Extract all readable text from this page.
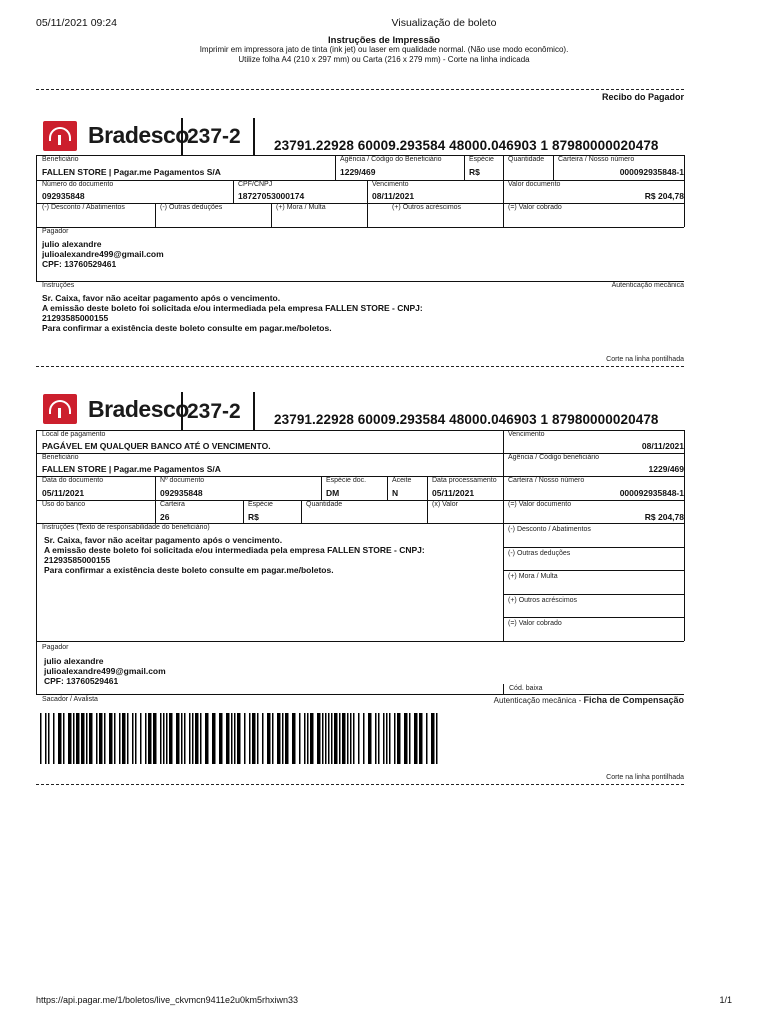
05/11/2021 09:24	Visualização de boleto
Instruções de Impressão
Imprimir em impressora jato de tinta (ink jet) ou laser em qualidade normal. (Não use modo econômico).
Utilize folha A4 (210 x 297 mm) ou Carta (216 x 279 mm) - Corte na linha indicada
Recibo do Pagador
Bradesco
237-2 23791.22928 60009.293584 48000.046903 1 87980000020478
Beneficiário
FALLEN STORE | Pagar.me Pagamentos S/A
Agência / Código do Beneficiário
1229/469
Espécie
R$
Quantidade Carteira / Nosso número
000092935848-1
Número do documento
092935848
CPF/CNPJ
18727053000174
Vencimento
08/11/2021
Valor documento
R$ 204,78
(-) Desconto / Abatimentos	(-) Outras deduções	(+) Mora / Multa	(+) Outros acréscimos	(=) Valor cobrado
Pagador
julio alexandre
julioalexandre499@gmail.com
CPF: 13760529461
Instruções	Autenticação mecânica
Sr. Caixa, favor não aceitar pagamento após o vencimento.
A emissão deste boleto foi solicitada e/ou intermediada pela empresa FALLEN STORE - CNPJ:
21293585000155
Para confirmar a existência deste boleto consulte em pagar.me/boletos.
Corte na linha pontilhada
Bradesco
237-2 23791.22928 60009.293584 48000.046903 1 87980000020478
Local de pagamento
PAGÁVEL EM QUALQUER BANCO ATÉ O VENCIMENTO.
Vencimento
08/11/2021
Beneficiário
FALLEN STORE | Pagar.me Pagamentos S/A
Agência / Código beneficiário
1229/469
Data do documento
05/11/2021
Nº documento
092935848
Espécie doc.
DM
Aceite
N
Data processamento
05/11/2021
Carteira / Nosso número
000092935848-1
Uso do banco	Carteira
26
Espécie
R$
Quantidade	(x) Valor	(=) Valor documento
R$ 204,78
Instruções (Texto de responsabilidade do beneficiário)
Sr. Caixa, favor não aceitar pagamento após o vencimento.
A emissão deste boleto foi solicitada e/ou intermediada pela empresa FALLEN STORE - CNPJ:
21293585000155
Para confirmar a existência deste boleto consulte em pagar.me/boletos.
(-) Desconto / Abatimentos
(-) Outras deduções
(+) Mora / Multa
(+) Outros acréscimos
(=) Valor cobrado
Pagador
julio alexandre
julioalexandre499@gmail.com
CPF: 13760529461
Cód. baixa
Sacador / Avalista	Autenticação mecânica - Ficha de Compensação
Corte na linha pontilhada
https://api.pagar.me/1/boletos/live_ckvmcn9411e2u0km5rhxiwn33	1/1
